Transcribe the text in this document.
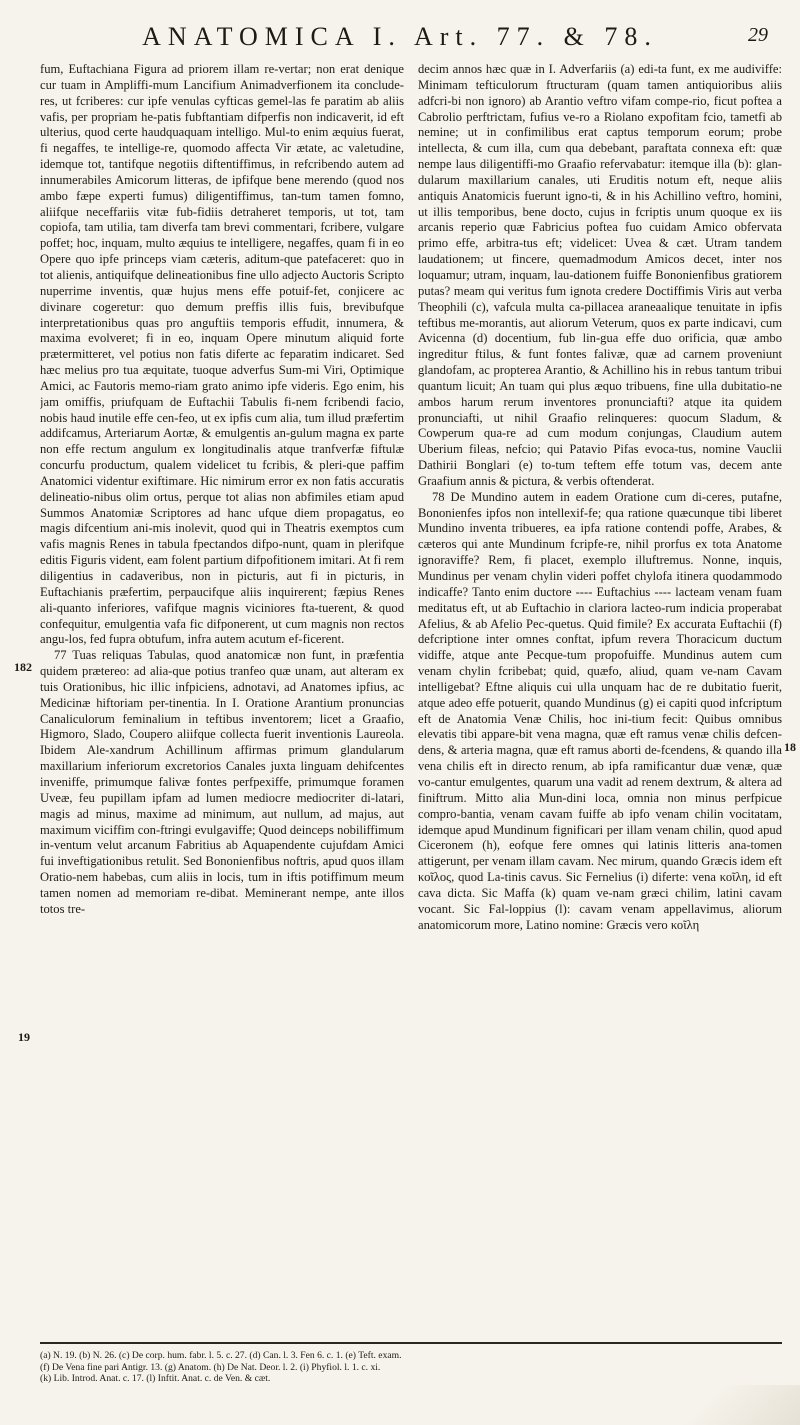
ANATOMICA I. Art. 77. & 78.	29

fum, Euftachiana Figura ad priorem illam re-vertar; non erat denique cur tuam in Ampliffi-mum Lancifium Animadverfionem ita conclude-res, ut fcriberes: cur ipfe venulas cyfticas gemel-las fe paratim ab aliis vafis, per propriam he-patis fubftantiam difperfis non indicaverit, id eft ulterius, quod certe haudquaquam intelligo. Mul-to enim æquius fuerat, fi negaffes, te intellige-re, quomodo affecta Vir ætate, ac valetudine, idemque tot, tantifque negotiis diftentiffimus, in refcribendo autem ad innumerabiles Amicorum litteras, de ipfifque bene merendo (quod nos ambo fæpe experti fumus) diligentiffimus, tan-tum tamen fomno, aliifque neceffariis vitæ fub-fidiis detraheret temporis, ut tot, tam copiofa, tam utilia, tam diverfa tam brevi commentari, fcribere, vulgare poffet; hoc, inquam, multo æquius te intelligere, negaffes, quam fi in eo Opere quo ipfe princeps viam cæteris, aditum-que patefaceret: quo in tot alienis, antiquifque delineationibus fine ullo adjecto Auctoris Scripto nuperrime inventis, quæ hujus mens effe potuif-fet, conjicere ac divinare cogeretur: quo demum preffis illis fuis, brevibufque interpretationibus quas pro anguftiis temporis effudit, innumera, & maxima evolveret; fi in eo, inquam Opere minutum aliquid forte prætermitteret, vel potius non fatis diferte ac feparatim indicaret. Sed hæc melius pro tua æquitate, tuoque adverfus Sum-mi Viri, Optimique Amici, ac Fautoris memo-riam grato animo ipfe videris. Ego enim, his jam omiffis, priufquam de Euftachii Tabulis fi-nem fcribendi facio, nobis haud inutile effe cen-feo, ut ex ipfis cum alia, tum illud præfertim addifcamus, Arteriarum Aortæ, & emulgentis an-gulum magna ex parte non effe rectum angulum ex longitudinalis atque tranfverfæ fiftulæ concurfu productum, qualem videlicet tu fcribis, & pleri-que paffim Anatomici videntur exiftimare. Hic nimirum error ex non fatis accuratis delineatio-nibus olim ortus, perque tot alias non abfimiles etiam apud Summos Anatomiæ Scriptores ad hanc ufque diem propagatus, eo magis difcentium ani-mis inolevit, quod qui in Theatris exemptos cum vafis magnis Renes in tabula fpectandos difpo-nunt, quam in plerifque editis Figuris vident, eam folent partium difpofitionem imitari. At fi rem diligentius in cadaveribus, non in picturis, aut fi in picturis, in Euftachianis præfertim, perpaucifque aliis inquirerent; fæpius Renes ali-quanto inferiores, vafifque magnis viciniores fta-tuerent, & quod confequitur, emulgentia vafa fic difponerent, ut cum magnis non rectos angu-los, fed fupra obtufum, infra autem acutum ef-ficerent.

77 Tuas reliquas Tabulas, quod anatomicæ non funt, in præfentia quidem prætereo: ad alia-que potius tranfeo quæ unam, aut alteram ex tuis Orationibus, hic illic infpiciens, adnotavi, ad Anatomes ipfius, ac Medicinæ hiftoriam per-tinentia. In I. Oratione Arantium pronuncias Canaliculorum feminalium in teftibus inventorem; licet a Graafio, Higmoro, Slado, Coupero aliifque collecta fuerit inventionis Laureola. Ibidem Ale-xandrum Achillinum affirmas primum glandularum maxillarium inferiorum excretorios Canales juxta linguam dehifcentes inveniffe, primumque falivæ fontes perfpexiffe, primumque foramen Uveæ, feu pupillam ipfam ad lumen mediocre mediocriter di-latari, magis ad minus, maxime ad minimum, aut nullum, ad majus, aut maximum viciffim con-ftringi evulgaviffe; Quod deinceps nobiliffimum in-ventum velut arcanum Fabritius ab Aquapendente cujufdam Amici fui inveftigationibus retulit. Sed Bononienfibus noftris, apud quos illam Oratio-nem habebas, cum aliis in locis, tum in iftis potiffimum meum tamen nomen ad memoriam re-dibat. Meminerant nempe, ante illos totos tre-

decim annos hæc quæ in I. Adverfariis (a) edi-ta funt, ex me audiviffe: Minimam tefticulorum ftructuram (quam tamen antiquioribus aliis adfcri-bi non ignoro) ab Arantio veftro vifam compe-rio, ficut poftea a Cabrolio perftrictam, fufius ve-ro a Riolano expofitam fcio, tametfi ab nemine; ut in confimilibus erat captus temporum eorum; probe intellecta, & cum illa, cum qua debebant, paraftata connexa eft: quæ nempe laus diligentiffi-mo Graafio refervabatur: itemque illa (b): glan-dularum maxillarium canales, uti Eruditis notum eft, neque aliis antiquis Anatomicis fuerunt igno-ti, & in his Achillino veftro, homini, ut illis temporibus, bene docto, cujus in fcriptis unum quoque ex iis arcanis reperio quæ Fabricius poftea fuo cuidam Amico obfervata primo effe, arbitra-tus eft; videlicet: Uvea & cæt. Utram tandem laudationem; ut fincere, quemadmodum Amicos decet, inter nos loquamur; utram, inquam, lau-dationem fuiffe Bononienfibus gratiorem putas? meam qui veritus fum ignota credere Doctiffimis Viris aut verba Theophili (c), vafcula multa ca-pillacea araneaalique tenuitate in ipfis teftibus me-morantis, aut aliorum Veterum, quos ex parte indicavi, cum Avicenna (d) docentium, fub lin-gua effe duo orificia, quæ ambo ingreditur ftilus, & funt fontes falivæ, quæ ad carnem proveniunt glandofam, ac propterea Arantio, & Achillino his in rebus tantum tribui quantum licuit; An tuam qui plus æquo tribuens, fine ulla dubitatio-ne ambos harum rerum inventores pronunciafti? atque ita quidem pronunciafti, ut nihil Graafio relinqueres: quocum Sladum, & Cowperum qua-re ad cum modum conjungas, Claudium autem Uberium fileas, nefcio; qui Patavio Pifas evoca-tus, nomine Vauclii Dathirii Bonglari (e) to-tum teftem effe totum vas, decem ante Graafium annis & pictura, & verbis oftenderat.

78 De Mundino autem in eadem Oratione cum di-ceres, putafne, Bononienfes ipfos non intellexif-fe; qua ratione quæcunque tibi liberet Mundino inventa tribueres, ea ipfa ratione contendi poffe, Arabes, & cæteros qui ante Mundinum fcripfe-re, nihil prorfus ex tota Anatome ignoraviffe? Rem, fi placet, exemplo illuftremus. Nonne, inquis, Mundinus per venam chylin videri poffet chylofa itinera quodammodo indicaffe? Tanto enim ductore ---- Euftachius ---- lacteam venam fuam meditatus eft, ut ab Euftachio in clariora lacteo-rum indicia properabat Afelius, & ab Afelio Pec-quetus. Quid fimile? Ex accurata Euftachii (f) defcriptione inter omnes conftat, ipfum revera Thoracicum ductum vidiffe, atque ante Pecque-tum propofuiffe. Mundinus autem cum venam chylin fcribebat; quid, quæfo, aliud, quam ve-nam Cavam intelligebat? Eftne aliquis cui ulla unquam hac de re dubitatio fuerit, atque adeo effe potuerit, quando Mundinus (g) ei capiti quod infcriptum eft de Anatomia Venæ Chilis, hoc ini-tium fecit: Quibus omnibus elevatis tibi appare-bit vena magna, quæ eft ramus venæ chilis defcen-dens, & arteria magna, quæ eft ramus aborti de-fcendens, & quando illa vena chilis eft in directo renum, ab ipfa ramificantur duæ venæ, quæ vo-cantur emulgentes, quarum una vadit ad renem dextrum, & altera ad finiftrum. Mitto alia Mun-dini loca, omnia non minus perfpicue compro-bantia, venam cavam fuiffe ab ipfo venam chilin vocitatam, idemque apud Mundinum fignificari per illam venam chilin, quod apud Ciceronem (h), eofque fere omnes qui latinis litteris ana-tomen attigerunt, per venam illam cavam. Nec mirum, quando Græcis idem eft κοῖλος, quod La-tinis cavus. Sic Fernelius (i) diferte: vena κοῖλη, id eft cava dicta. Sic Maffa (k) quam ve-nam græci chilim, latini cavam vocant. Sic Fal-loppius (l): cavam venam appellavimus, aliorum anatomicorum more, Latino nomine: Græcis vero κοῖλη

182
19
18
(a) N. 19. (b) N. 26. (c) De corp. hum. fabr. l. 5. c. 27. (d) Can. l. 3. Fen 6. c. 1. (e) Teft. exam.
(f) De Vena fine pari Antigr. 13. (g) Anatom. (h) De Nat. Deor. l. 2. (i) Phyfiol. l. 1. c. xi.
(k) Lib. Introd. Anat. c. 17. (l) Inftit. Anat. c. de Ven. & cæt.
